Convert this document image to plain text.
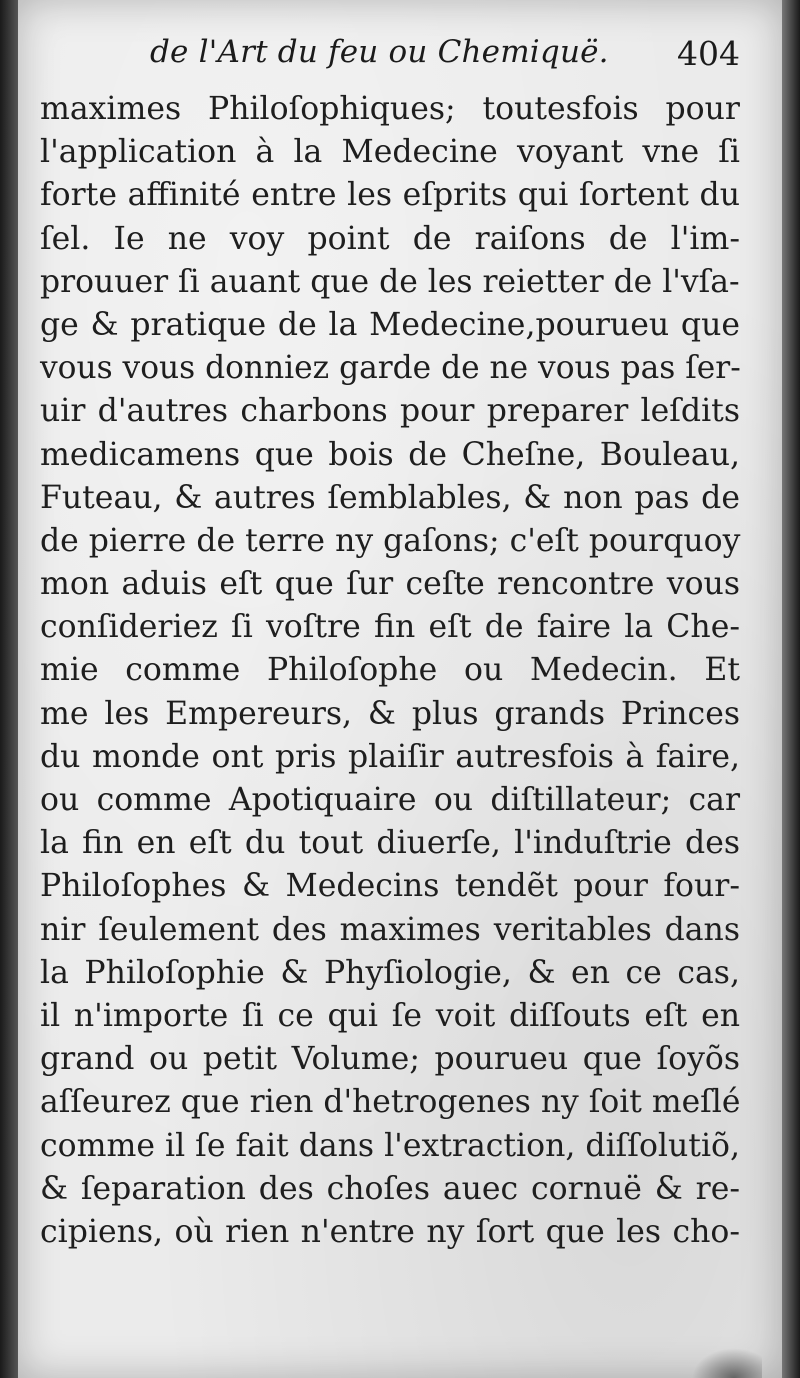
de l'Art du feu ou Chemiquë. 404
maximes Philoſophiques; toutesfois pour
l'application à la Medecine voyant vne ſi
forte affinité entre les eſprits qui ſortent du
ſel. Ie ne voy point de raiſons de l'im-
prouuer ſi auant que de les reietter de l'vſa-
ge & pratique de la Medecine,pourueu que
vous vous donniez garde de ne vous pas ſer-
uir d'autres charbons pour preparer leſdits
medicamens que bois de Cheſne, Bouleau,
Futeau, & autres ſemblables, & non pas de
de pierre de terre ny gaſons; c'eſt pourquoy
mon aduis eſt que ſur ceſte rencontre vous
conſideriez ſi voſtre fin eſt de faire la Che-
mie comme Philoſophe ou Medecin. Et
me les Empereurs, & plus grands Princes
du monde ont pris plaiſir autresfois à faire,
ou comme Apotiquaire ou diſtillateur; car
la fin en eſt du tout diuerſe, l'induſtrie des
Philoſophes & Medecins tendẽt pour four-
nir ſeulement des maximes veritables dans
la Philoſophie & Phyſiologie, & en ce cas,
il n'importe ſi ce qui ſe voit diſſouts eſt en
grand ou petit Volume; pourueu que ſoyõs
aſſeurez que rien d'hetrogenes ny ſoit meſlé
comme il ſe fait dans l'extraction, diſſolutiõ,
& ſeparation des choſes auec cornuë & re-
cipiens, où rien n'entre ny ſort que les cho-
